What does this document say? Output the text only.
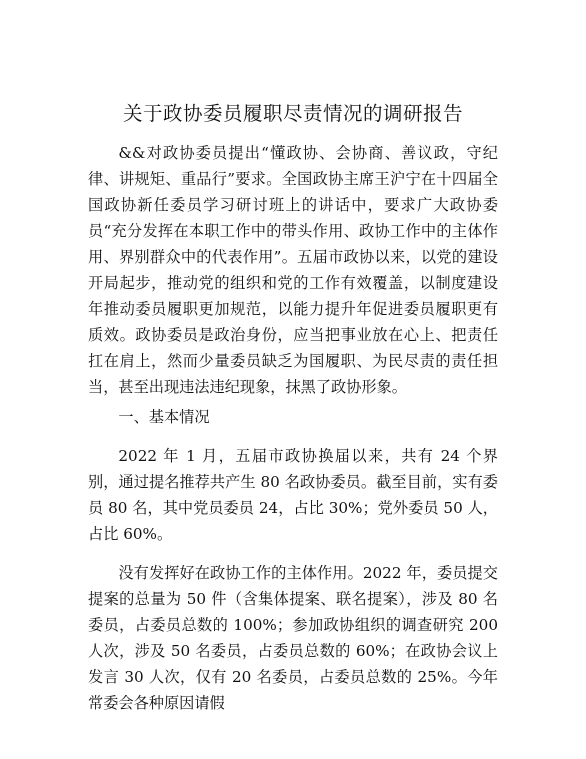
关于政协委员履职尽责情况的调研报告

&&对政协委员提出“懂政协、会协商、善议政，守纪律、讲规矩、重品行”要求。全国政协主席王沪宁在十四届全国政协新任委员学习研讨班上的讲话中，要求广大政协委员“充分发挥在本职工作中的带头作用、政协工作中的主体作用、界别群众中的代表作用”。五届市政协以来，以党的建设开局起步，推动党的组织和党的工作有效覆盖，以制度建设年推动委员履职更加规范，以能力提升年促进委员履职更有质效。政协委员是政治身份，应当把事业放在心上、把责任扛在肩上，然而少量委员缺乏为国履职、为民尽责的责任担当，甚至出现违法违纪现象，抹黑了政协形象。

一、基本情况

2022 年 1 月，五届市政协换届以来，共有 24 个界别，通过提名推荐共产生 80 名政协委员。截至目前，实有委员 80 名，其中党员委员 24，占比 30%；党外委员 50 人，占比 60%。

没有发挥好在政协工作的主体作用。2022 年，委员提交提案的总量为 50 件（含集体提案、联名提案），涉及 80 名委员，占委员总数的 100%；参加政协组织的调查研究 200 人次，涉及 50 名委员，占委员总数的 60%；在政协会议上发言 30 人次，仅有 20 名委员，占委员总数的 25%。今年常委会各种原因请假
